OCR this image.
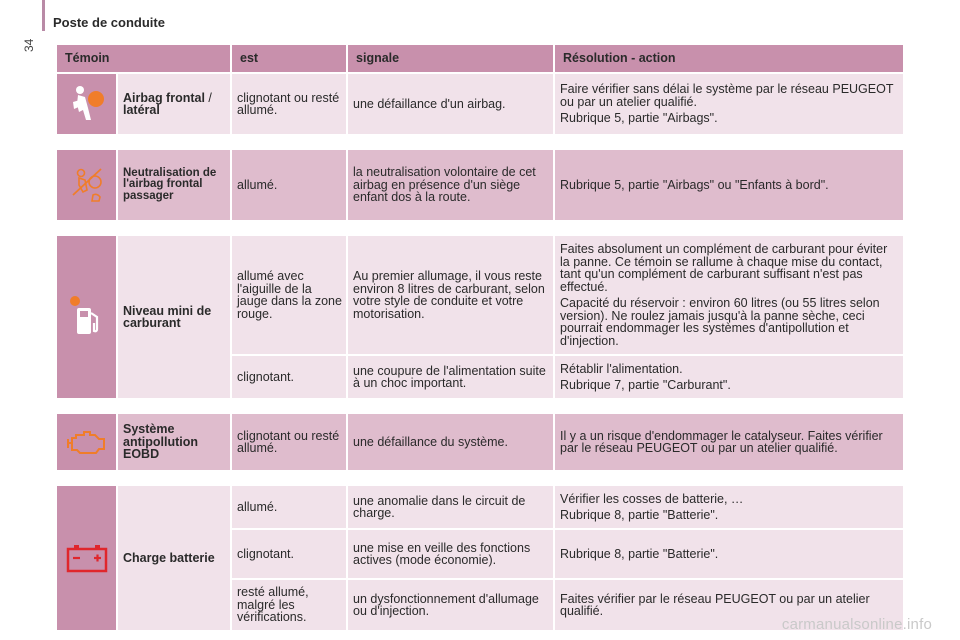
Poste de conduite
34
Témoin		est	signale	Résolution - action
	Airbag frontal / latéral	clignotant ou resté allumé.	une défaillance d'un airbag.	Faire vérifier sans délai le système par le réseau PEUGEOT ou par un atelier qualifié.
Rubrique 5, partie "Airbags".

	Neutralisation de l'airbag frontal passager	allumé.	la neutralisation volontaire de cet airbag en présence d'un siège enfant dos à la route.	Rubrique 5, partie "Airbags" ou "Enfants à bord".

	Niveau mini de carburant	allumé avec l'aiguille de la jauge dans la zone rouge.	Au premier allumage, il vous reste environ 8 litres de carburant, selon votre style de conduite et votre motorisation.	Faites absolument un complément de carburant pour éviter la panne. Ce témoin se rallume à chaque mise du contact, tant qu'un complément de carburant suffisant n'est pas effectué.
Capacité du réservoir : environ 60 litres (ou 55 litres selon version). Ne roulez jamais jusqu'à la panne sèche, ceci pourrait endommager les systèmes d'antipollution et d'injection.

		clignotant.	une coupure de l'alimentation suite à un choc important.	Rétablir l'alimentation.
Rubrique 7, partie "Carburant".

	Système antipollution EOBD	clignotant ou resté allumé.	une défaillance du système.	Il y a un risque d'endommager le catalyseur. Faites vérifier par le réseau PEUGEOT ou par un atelier qualifié.

	Charge batterie	allumé.	une anomalie dans le circuit de charge.	Vérifier les cosses de batterie, …
Rubrique 8, partie "Batterie".

		clignotant.	une mise en veille des fonctions actives (mode économie).	Rubrique 8, partie "Batterie".

		resté allumé, malgré les vérifications.	un dysfonctionnement d'allumage ou d'injection.	Faites vérifier par le réseau PEUGEOT ou par un atelier qualifié.
carmanualsonline.info
